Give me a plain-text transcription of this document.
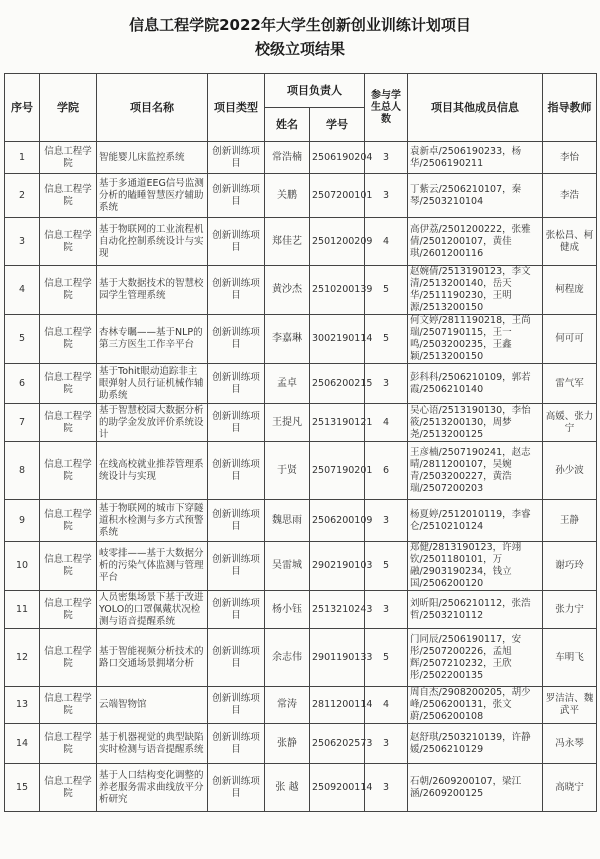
信息工程学院2022年大学生创新创业训练计划项目
校级立项结果
序号	学院	项目名称	项目类型	项目负责人		参与学生总人数	项目其他成员信息	指导教师
				姓名	学号			
1	信息工程学院	智能婴儿床监控系统	创新训练项目	常浩楠	2506190204	3	袁新卓/2506190233，杨华/2506190211	李怡
2	信息工程学院	基于多通道EEG信号监测分析的瞌睡智慧医疗辅助系统	创新训练项目	关鹏	2507200101	3	丁紫云/2506210107，秦琴/2503210104	李浩
3	信息工程学院	基于物联网的工业流程机自动化控制系统设计与实现	创新训练项目	郑佳艺	2501200209	4	高伊荔/2501200222，张雅倩/2501200107，黄佳琪/2601200116	张松昌、柯健成
4	信息工程学院	基于大数据技术的智慧校园学生管理系统	创新训练项目	黄沙杰	2510200139	5	赵婉倩/2513190123，李文清/2513200140，岳天华/2511190230，王明源/2513200150	柯程庞
5	信息工程学院	杏林专瞩——基于NLP的第三方医生工作辛平台	创新训练项目	李嘉琳	3002190114	5	何文婷/2811190218，王尚瑞/2507190115，王一鸣/2503200235，王鑫颖/2513200150	何可可
6	信息工程学院	基于Tohit眼动追踪非主眼弹射人员行证机械作辅助系统	创新训练项目	孟卓	2506200215	3	彭科科/2506210109，郭若霞/2506210140	雷气军
7	信息工程学院	基于智慧校园大数据分析的助学金发放评价系统设计	创新训练项目	王提凡	2513190121	4	吴心语/2513190130，李怡筱/2513200130，周梦尧/2513200125	高媛、张力宁
8	信息工程学院	在线高校就业推荐管理系统设计与实现	创新训练项目	于贤	2507190201	6	王彦楠/2507190241，赵志晴/2811200107，吴婉青/2503200227，黄浩瑞/2507200203	孙少波
9	信息工程学院	基于物联网的城市下穿隧道积水检测与多方式预警系统	创新训练项目	魏思雨	2506200109	3	杨夏婷/2512010119，李睿仑/2510210124	王静
10	信息工程学院	岐零排——基于大数据分析的污染气体监测与管理平台	创新训练项目	吴雷城	2902190103	5	郑健/2813190123，许翊钦/2501180101，万融/2903190234，钱立国/2506200120	谢巧玲
11	信息工程学院	人员密集场景下基于改进YOLO的口罩佩戴状况检测与语音提醒系统	创新训练项目	杨小钰	2513210243	3	刘昕阳/2506210112，张浩哲/2503210112	张力宁
12	信息工程学院	基于智能视频分析技术的路口交通场景拥堵分析	创新训练项目	余志伟	2901190133	5	门同辰/2506190117，安彤/2507200226，孟旭辉/2507210232，王欣彤/2502200135	车明飞
13	信息工程学院	云端智物馆	创新训练项目	常涛	2811200114	4	周自杰/2908200205，胡少峰/2506200131，张文蔚/2506200108	罗洁洁、魏武平
14	信息工程学院	基于机器视觉的典型缺陷实时检测与语音提醒系统	创新训练项目	张静	2506202573	3	赵舒琪/2503210139，许静媛/2506210129	冯永琴
15	信息工程学院	基于人口结构变化调整的养老服务需求曲线放平分析研究	创新训练项目	张 越	2509200114	3	石朝/2609200107，梁江涵/2609200125	高晓宁
